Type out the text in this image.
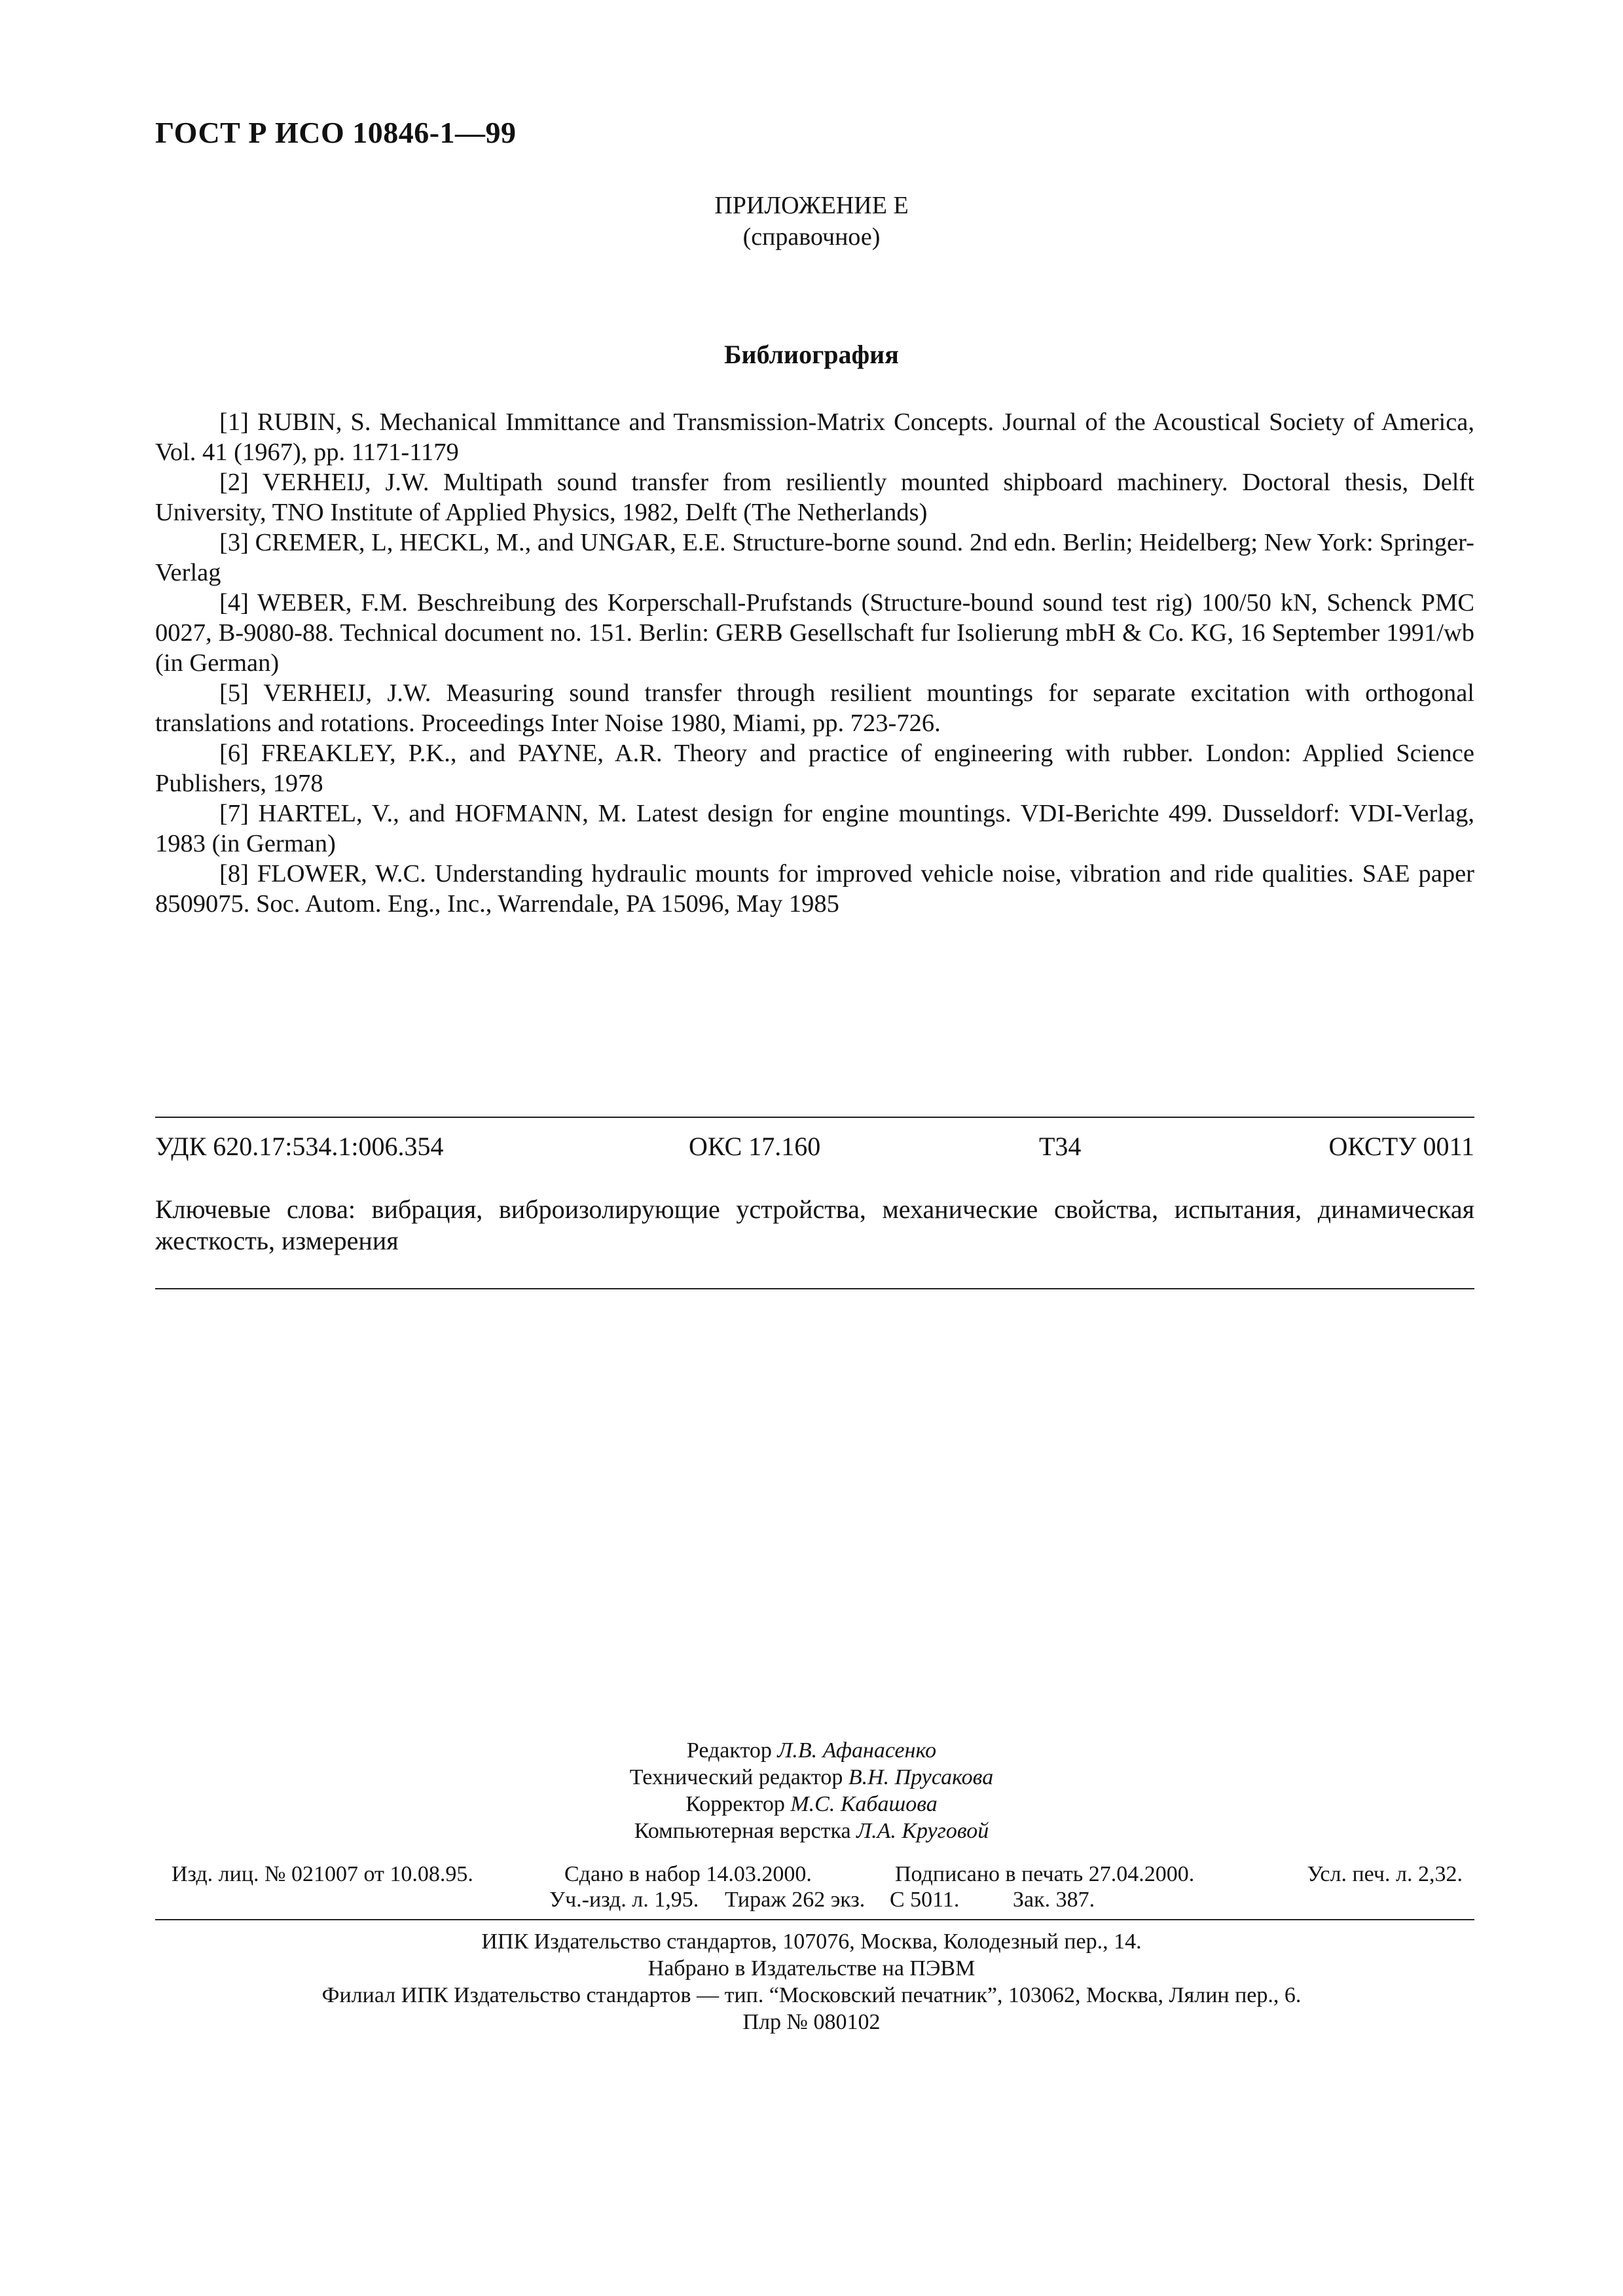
ГОСТ Р ИСО 10846-1—99
ПРИЛОЖЕНИЕ Е
(справочное)
Библиография
[1] RUBIN, S. Mechanical Immittance and Transmission-Matrix Concepts. Journal of the Acoustical Society of America, Vol. 41 (1967), pp. 1171-1179
[2] VERHEIJ, J.W. Multipath sound transfer from resiliently mounted shipboard machinery. Doctoral thesis, Delft University, TNO Institute of Applied Physics, 1982, Delft (The Netherlands)
[3] CREMER, L, HECKL, M., and UNGAR, E.E. Structure-borne sound. 2nd edn. Berlin; Heidelberg; New York: Springer-Verlag
[4] WEBER, F.M. Beschreibung des Korperschall-Prufstands (Structure-bound sound test rig) 100/50 kN, Schenck PMC 0027, B-9080-88. Technical document no. 151. Berlin: GERB Gesellschaft fur Isolierung mbH & Co. KG, 16 September 1991/wb (in German)
[5] VERHEIJ, J.W. Measuring sound transfer through resilient mountings for separate excitation with orthogonal translations and rotations. Proceedings Inter Noise 1980, Miami, pp. 723-726.
[6] FREAKLEY, P.K., and PAYNE, A.R. Theory and practice of engineering with rubber. London: Applied Science Publishers, 1978
[7] HARTEL, V., and HOFMANN, M. Latest design for engine mountings. VDI-Berichte 499. Dusseldorf: VDI-Verlag, 1983 (in German)
[8] FLOWER, W.C. Understanding hydraulic mounts for improved vehicle noise, vibration and ride qualities. SAE paper 8509075. Soc. Autom. Eng., Inc., Warrendale, PA 15096, May 1985
УДК 620.17:534.1:006.354	ОКС 17.160	Т34	ОКСТУ 0011
Ключевые слова: вибрация, виброизолирующие устройства, механические свойства, испытания, динамическая жесткость, измерения
Редактор Л.В. Афанасенко
Технический редактор В.Н. Прусакова
Корректор М.С. Кабашова
Компьютерная верстка Л.А. Круговой
Изд. лиц. № 021007 от 10.08.95.	Сдано в набор 14.03.2000.	Подписано в печать 27.04.2000.	Усл. печ. л. 2,32.
Уч.-изд. л. 1,95. Тираж 262 экз. С 5011. Зак. 387.
ИПК Издательство стандартов, 107076, Москва, Колодезный пер., 14.
Набрано в Издательстве на ПЭВМ
Филиал ИПК Издательство стандартов — тип. “Московский печатник”, 103062, Москва, Лялин пер., 6.
Плр № 080102
